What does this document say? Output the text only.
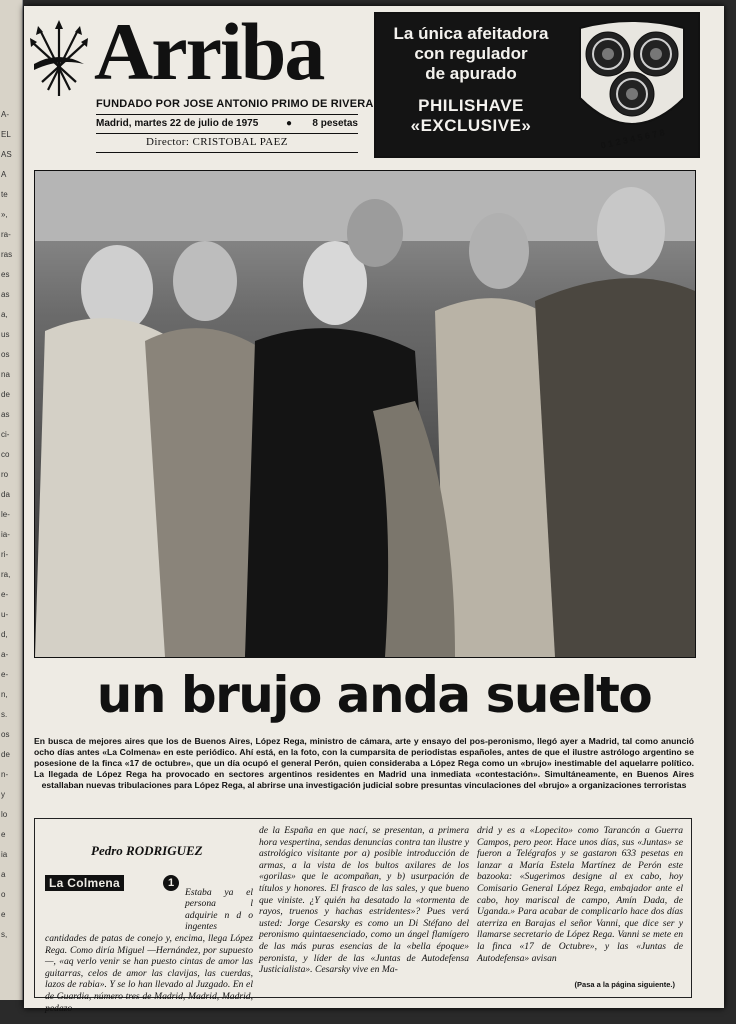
A-
EL
AS
A
te
»,
ra-
ras
es
as
a,
us
os
na
de
as
ci-
co
ro
da
le-
ia-
ri-
ra,
e-
u-
d,
a-
e-
n,
s.
os
de
n-
y
lo
e
ia
a
o
e
s,
Arriba
FUNDADO POR JOSE ANTONIO PRIMO DE RIVERA
Madrid, martes 22 de julio de 1975	● 8 pesetas
Director: CRISTOBAL PAEZ
La única afeitadora
con regulador
de apurado
PHILISHAVE
«EXCLUSIVE»
0 1 2 3 4 5 6 7 8
un brujo anda suelto
En busca de mejores aires que los de Buenos Aires, López Rega, ministro de cámara, arte y ensayo del pos-peronismo, llegó ayer a Madrid, tal como anunció ocho días antes «La Colmena» en este periódico. Ahí está, en la foto, con la cumparsita de periodistas españoles, antes de que el ilustre astrólogo argentino se posesione de la finca «17 de octubre», que un día ocupó el general Perón, quien consideraba a López Rega como un «brujo» inestimable del aquelarre político. La llegada de López Rega ha provocado en sectores argentinos residentes en Madrid una inmediata «contestación». Simultáneamente, en Buenos Aires estallaban nuevas tribulaciones para López Rega, al abrirse una investigación judicial sobre presuntas vinculaciones del «brujo» a organizaciones terroristas
Pedro RODRIGUEZ
La Colmena	1
Estaba ya el persona l adquirie n d o ingentes
cantidades de patas de conejo y, encima, llega López Rega. Como diría Miguel —Hernández, por supuesto—, «aq verlo venir se han puesto cintas de amor las guitarras, celos de amor las clavijas, las cuerdas, lazos de rabia». Y se lo han llevado al Juzgado. En el de Guardia, número tres de Madrid, Madrid, Madrid, pedazo
de la España en que nací, se presentan, a primera hora vespertina, sendas denuncias contra tan ilustre y astrológico visitante por a) posible introducción de armas, a la vista de los bultos axilares de los «gorilas» que le acompañan, y b) usurpación de títulos y honores. El frasco de las sales, y que bueno que viniste. ¿Y quién ha desatado la «tormenta de rayos, truenos y hachas estridentes»? Pues verá usted: Jorge Cesarsky es como un Di Stéfano del peronismo quintaesenciado, como un ángel flamígero de las más puras esencias de la «bella époque» peronista, y líder de las «Juntas de Autodefensa Justicialista». Cesarsky vive en Ma-
drid y es a «Lopecito» como Tarancón a Guerra Campos, pero peor. Hace unos días, sus «Juntas» se fueron a Telégrafos y se gastaron 633 pesetas en lanzar a María Estela Martínez de Perón este bazooka: «Sugerimos designe al ex cabo, hoy Comisario General López Rega, embajador ante el cabo, hoy mariscal de campo, Amín Dada, de Uganda.» Para acabar de complicarlo hace dos días aterriza en Barajas el señor Vanni, que dice ser y llamarse secretario de López Rega. Vanni se mete en la finca «17 de Octubre», y las «Juntas de Autodefensa» avisan
(Pasa a la página siguiente.)
